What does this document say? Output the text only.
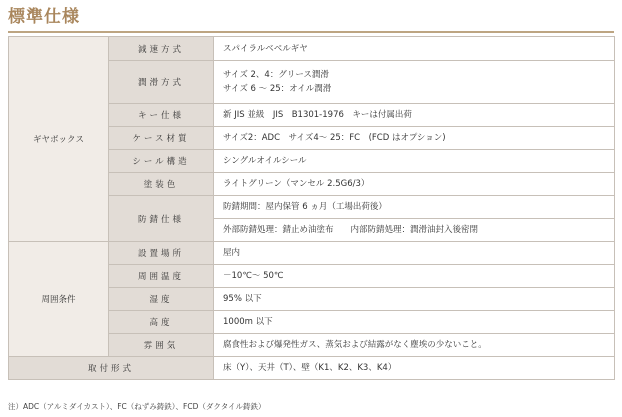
標準仕様
ギヤボックス	減速方式	スパイラルベベルギヤ

	潤滑方式	サイズ 2、4：グリース潤滑
サイズ 6 ～ 25：オイル潤滑

	キー仕様	新 JIS 並級　JIS　B1301-1976　キーは付属出荷

	ケース材質	サイズ2：ADC　サイズ4～ 25：FC　(FCD はオプション)

	シール構造	シングルオイルシール

	塗装色	ライトグリーン（マンセル 2.5G6/3）

	防錆仕様	防錆期間：屋内保管 6 ヵ月（工場出荷後）

		外部防錆処理：錆止め油塗布　　内部防錆処理：潤滑油封入後密閉

周囲条件	設置場所	屋内

	周囲温度	－10℃～ 50℃

	湿度	95% 以下

	高度	1000m 以下

	雰囲気	腐食性および爆発性ガス、蒸気および結露がなく塵埃の少ないこと。

取付形式		床（Y）、天井（T）、壁（K1、K2、K3、K4）
注）ADC（アルミダイカスト）、FC（ねずみ鋳鉄）、FCD（ダクタイル鋳鉄）
